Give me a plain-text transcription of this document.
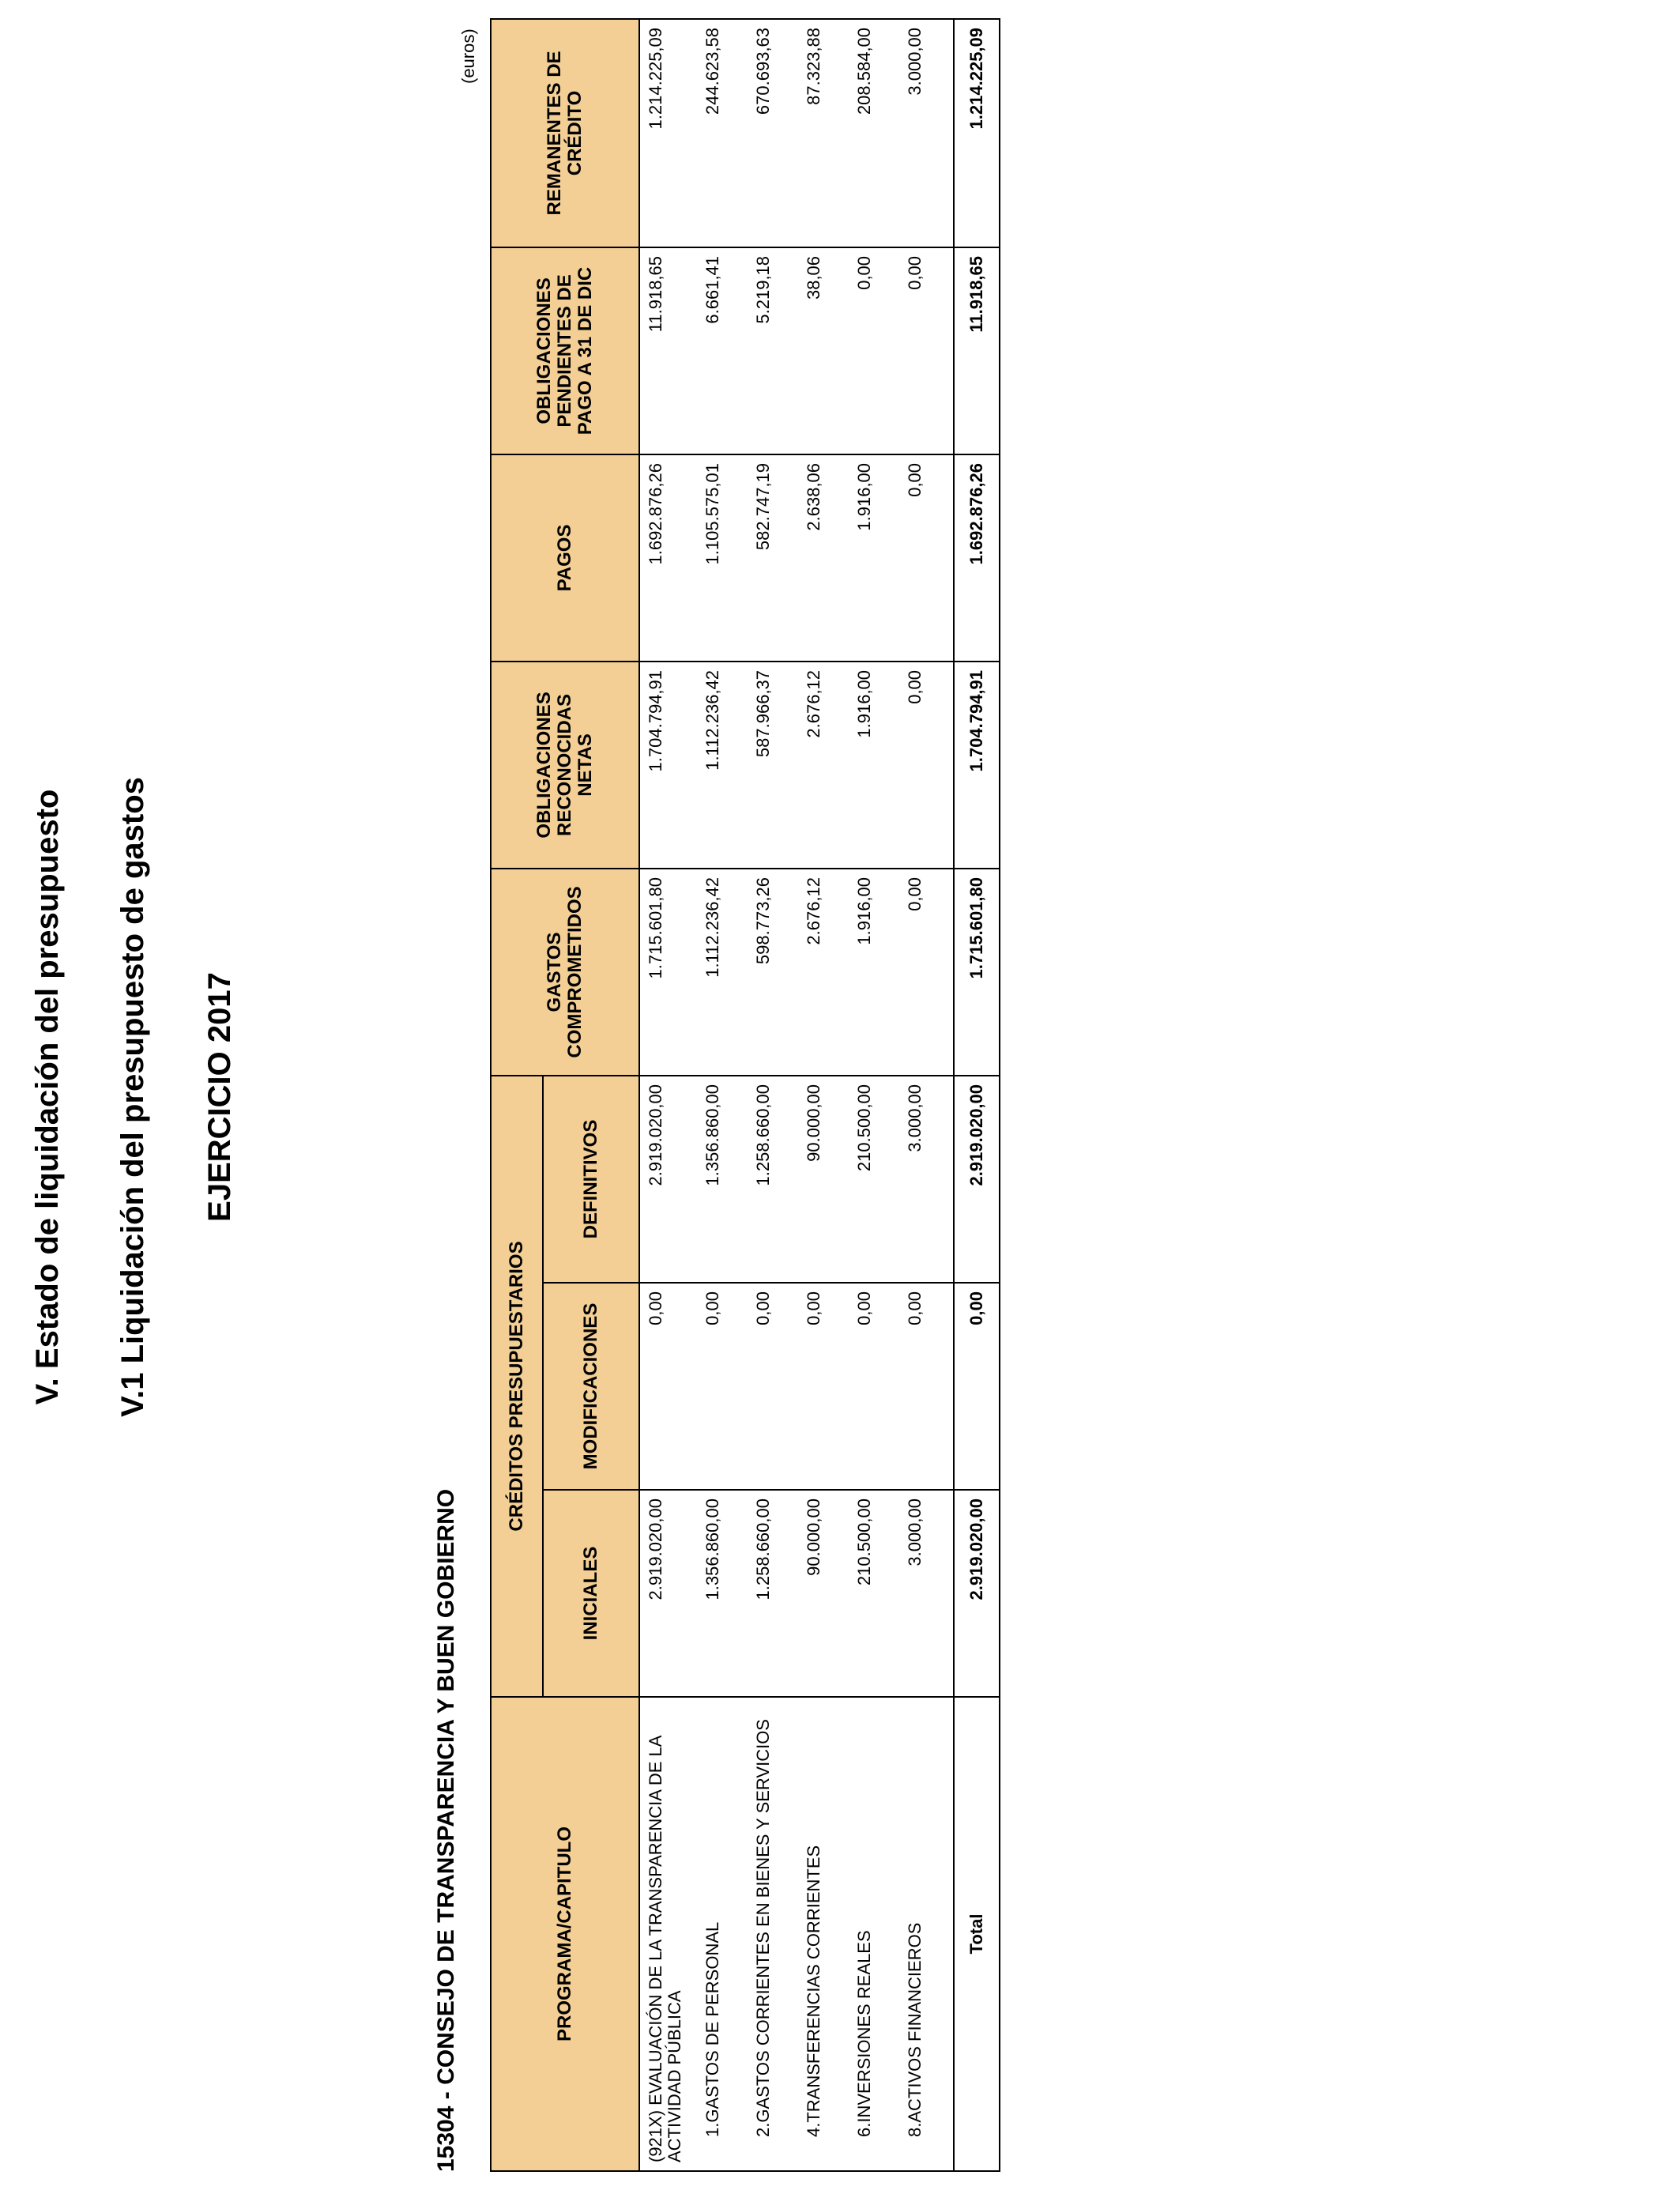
V. Estado de liquidación del presupuesto V.1 Liquidación del presupuesto de gastos EJERCICIO 2017
15304 - CONSEJO DE TRANSPARENCIA Y BUEN GOBIERNO
(euros)
PROGRAMA/CAPITULO	CRÉDITOS PRESUPUESTARIOS			GASTOS COMPROMETIDOS	OBLIGACIONES RECONOCIDAS NETAS	PAGOS	OBLIGACIONES PENDIENTES DE PAGO A 31 DE DIC	REMANENTES DE CRÉDITO
	INICIALES	MODIFICACIONES	DEFINITIVOS					
(921X) EVALUACIÓN DE LA TRANSPARENCIA DE LA ACTIVIDAD PÚBLICA	2.919.020,00	0,00	2.919.020,00	1.715.601,80	1.704.794,91	1.692.876,26	11.918,65	1.214.225,09
1.GASTOS DE PERSONAL	1.356.860,00	0,00	1.356.860,00	1.112.236,42	1.112.236,42	1.105.575,01	6.661,41	244.623,58
2.GASTOS CORRIENTES EN BIENES Y SERVICIOS	1.258.660,00	0,00	1.258.660,00	598.773,26	587.966,37	582.747,19	5.219,18	670.693,63
4.TRANSFERENCIAS CORRIENTES	90.000,00	0,00	90.000,00	2.676,12	2.676,12	2.638,06	38,06	87.323,88
6.INVERSIONES REALES	210.500,00	0,00	210.500,00	1.916,00	1.916,00	1.916,00	0,00	208.584,00
8.ACTIVOS FINANCIEROS	3.000,00	0,00	3.000,00	0,00	0,00	0,00	0,00	3.000,00
Total	2.919.020,00	0,00	2.919.020,00	1.715.601,80	1.704.794,91	1.692.876,26	11.918,65	1.214.225,09
